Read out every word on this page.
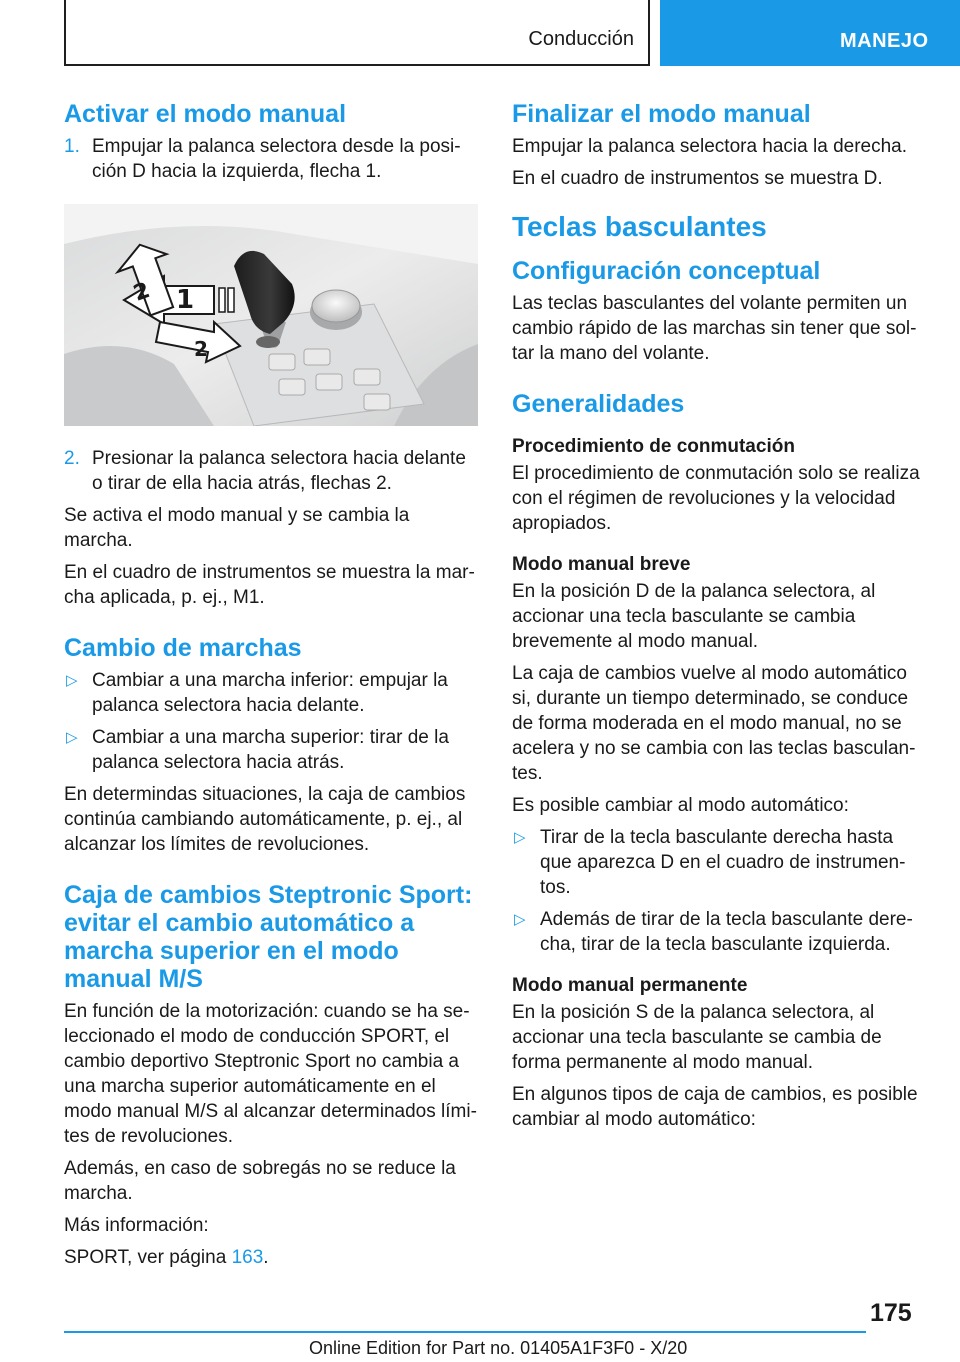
Conducción	MANEJO
Activar el modo manual
1. Empujar la palanca selectora desde la posición D hacia la izquierda, flecha 1.
1
2
2
2. Presionar la palanca selectora hacia delante o tirar de ella hacia atrás, flechas 2.

Se activa el modo manual y se cambia la marcha.

En el cuadro de instrumentos se muestra la marcha aplicada, p. ej., M1.

Cambio de marchas
▷ Cambiar a una marcha inferior: empujar la palanca selectora hacia delante.
▷ Cambiar a una marcha superior: tirar de la palanca selectora hacia atrás.

En determindas situaciones, la caja de cambios continúa cambiando automáticamente, p. ej., al alcanzar los límites de revoluciones.

Caja de cambios Steptronic Sport: evitar el cambio automático a marcha superior en el modo manual M/S

En función de la motorización: cuando se ha seleccionado el modo de conducción SPORT, el cambio deportivo Steptronic Sport no cambia a una marcha superior automáticamente en el modo manual M/S al alcanzar determinados límites de revoluciones.

Además, en caso de sobregás no se reduce la marcha.

Más información:

SPORT, ver página 163.

Finalizar el modo manual

Empujar la palanca selectora hacia la derecha.

En el cuadro de instrumentos se muestra D.

Teclas basculantes
Configuración conceptual

Las teclas basculantes del volante permiten un cambio rápido de las marchas sin tener que soltar la mano del volante.

Generalidades
Procedimiento de conmutación

El procedimiento de conmutación solo se realiza con el régimen de revoluciones y la velocidad apropiados.

Modo manual breve

En la posición D de la palanca selectora, al accionar una tecla basculante se cambia brevemente al modo manual.

La caja de cambios vuelve al modo automático si, durante un tiempo determinado, se conduce de forma moderada en el modo manual, no se acelera y no se cambia con las teclas basculantes.

Es posible cambiar al modo automático:

▷ Tirar de la tecla basculante derecha hasta que aparezca D en el cuadro de instrumentos.
▷ Además de tirar de la tecla basculante derecha, tirar de la tecla basculante izquierda.
Modo manual permanente

En la posición S de la palanca selectora, al accionar una tecla basculante se cambia de forma permanente al modo manual.

En algunos tipos de caja de cambios, es posible cambiar al modo automático:

175
Online Edition for Part no. 01405A1F3F0 - X/20
